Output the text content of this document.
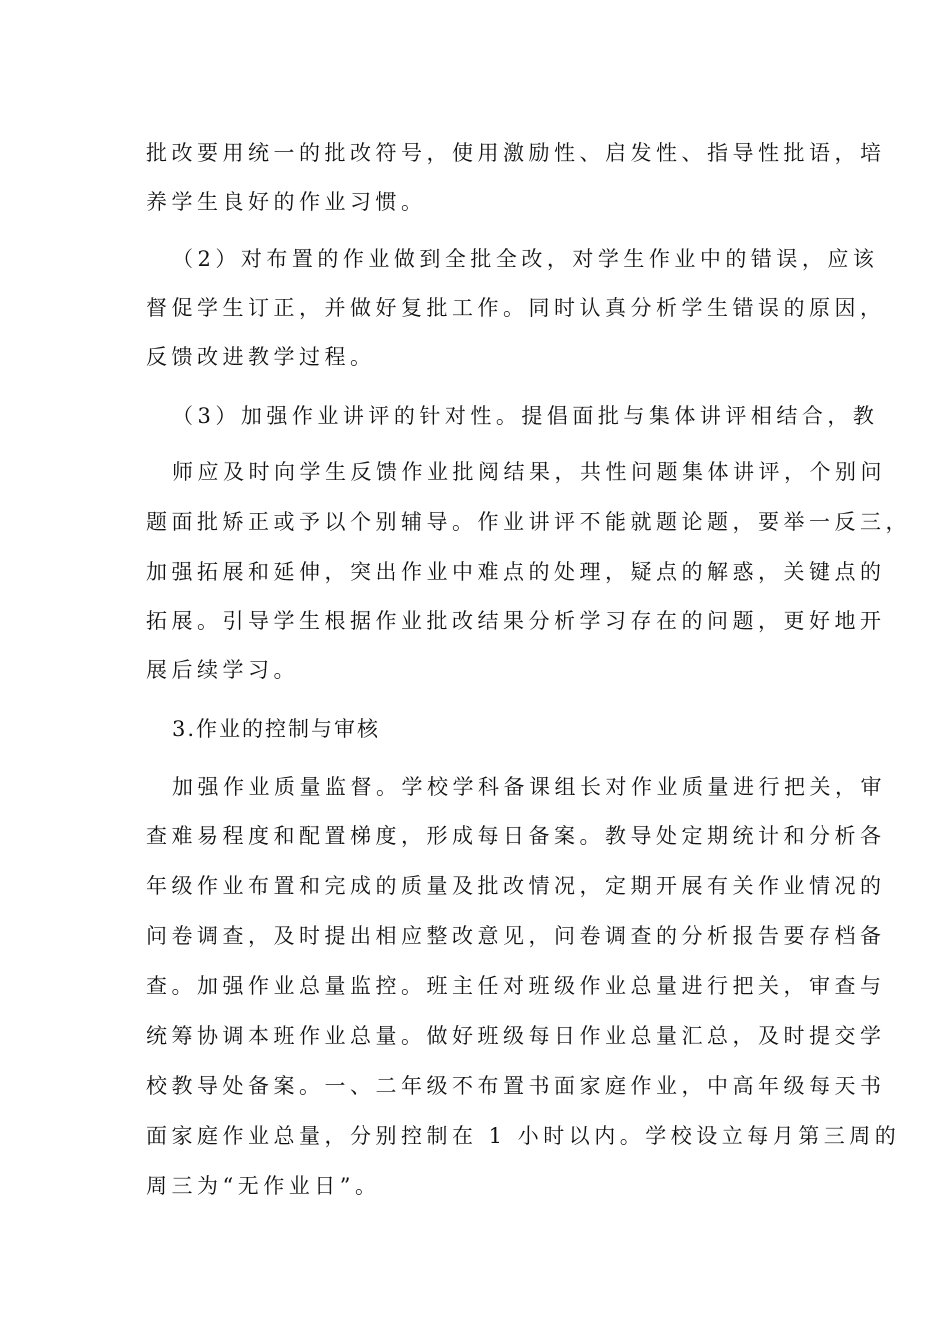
批改要用统一的批改符号，使用激励性、启发性、指导性批语，培
养学生良好的作业习惯。
（2）对布置的作业做到全批全改，对学生作业中的错误，应该
督促学生订正，并做好复批工作。同时认真分析学生错误的原因，
反馈改进教学过程。
（3）加强作业讲评的针对性。提倡面批与集体讲评相结合，教
师应及时向学生反馈作业批阅结果，共性问题集体讲评，个别问
题面批矫正或予以个别辅导。作业讲评不能就题论题，要举一反三，
加强拓展和延伸，突出作业中难点的处理，疑点的解惑，关键点的
拓展。引导学生根据作业批改结果分析学习存在的问题，更好地开
展后续学习。
3.作业的控制与审核
加强作业质量监督。学校学科备课组长对作业质量进行把关，审
查难易程度和配置梯度，形成每日备案。教导处定期统计和分析各
年级作业布置和完成的质量及批改情况，定期开展有关作业情况的
问卷调查，及时提出相应整改意见，问卷调查的分析报告要存档备
查。加强作业总量监控。班主任对班级作业总量进行把关，审查与
统筹协调本班作业总量。做好班级每日作业总量汇总，及时提交学
校教导处备案。一、二年级不布置书面家庭作业，中高年级每天书
面家庭作业总量，分别控制在 1 小时以内。学校设立每月第三周的
周三为“无作业日”。
